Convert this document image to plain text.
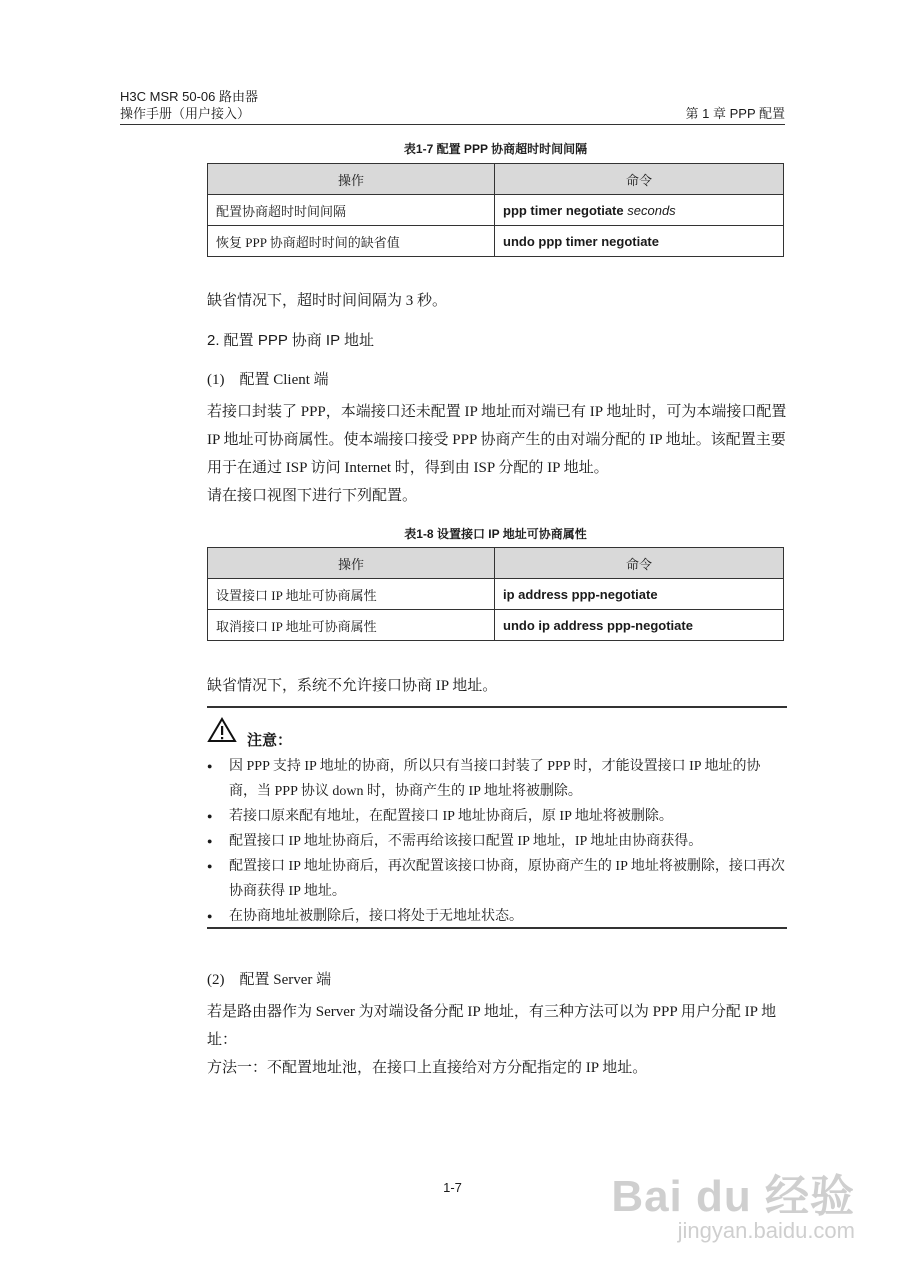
H3C MSR 50-06 路由器
操作手册（用户接入）	第 1 章 PPP 配置
表1-7 配置 PPP 协商超时时间间隔
操作	命令
配置协商超时时间间隔	ppp timer negotiate seconds
恢复 PPP 协商超时时间的缺省值	undo ppp timer negotiate
缺省情况下，超时时间间隔为 3 秒。
2. 配置 PPP 协商 IP 地址
(1)    配置 Client 端
若接口封装了 PPP，本端接口还未配置 IP 地址而对端已有 IP 地址时，可为本端接口配置 IP 地址可协商属性。使本端接口接受 PPP 协商产生的由对端分配的 IP 地址。该配置主要用于在通过 ISP 访问 Internet 时，得到由 ISP 分配的 IP 地址。
请在接口视图下进行下列配置。
表1-8 设置接口 IP 地址可协商属性
操作	命令
设置接口 IP 地址可协商属性	ip address ppp-negotiate
取消接口 IP 地址可协商属性	undo ip address ppp-negotiate
缺省情况下，系统不允许接口协商 IP 地址。
注意：
● 因 PPP 支持 IP 地址的协商，所以只有当接口封装了 PPP 时，才能设置接口 IP 地址的协商，当 PPP 协议 down 时，协商产生的 IP 地址将被删除。
● 若接口原来配有地址，在配置接口 IP 地址协商后，原 IP 地址将被删除。
● 配置接口 IP 地址协商后，不需再给该接口配置 IP 地址，IP 地址由协商获得。
● 配置接口 IP 地址协商后，再次配置该接口协商，原协商产生的 IP 地址将被删除，接口再次协商获得 IP 地址。
● 在协商地址被删除后，接口将处于无地址状态。
(2)    配置 Server 端
若是路由器作为 Server 为对端设备分配 IP 地址，有三种方法可以为 PPP 用户分配 IP 地址：
方法一：不配置地址池，在接口上直接给对方分配指定的 IP 地址。
1-7	Bai du 经验
jingyan.baidu.com
